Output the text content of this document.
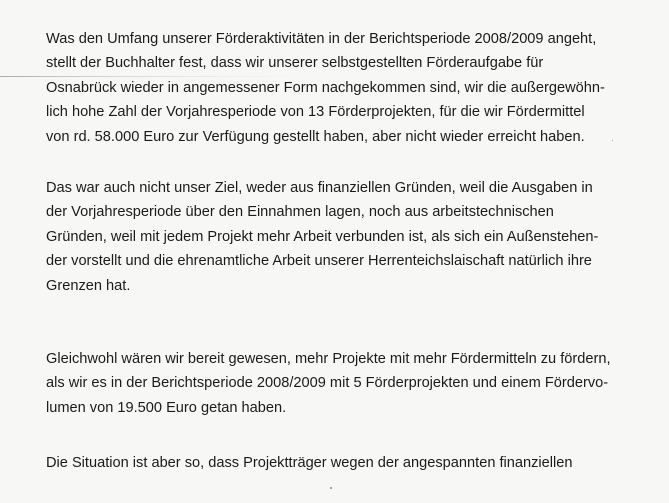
Was den Umfang unserer Förderaktivitäten in der Berichtsperiode 2008/2009 angeht,
stellt der Buchhalter fest, dass wir unserer selbstgestellten Förderaufgabe für
Osnabrück wieder in angemessener Form nachgekommen sind, wir die außergewöhn-
lich hohe Zahl der Vorjahresperiode von 13 Förderprojekten, für die wir Fördermittel
von rd. 58.000 Euro zur Verfügung gestellt haben, aber nicht wieder erreicht haben.

Das war auch nicht unser Ziel, weder aus finanziellen Gründen, weil die Ausgaben in
der Vorjahresperiode über den Einnahmen lagen, noch aus arbeitstechnischen
Gründen, weil mit jedem Projekt mehr Arbeit verbunden ist, als sich ein Außenstehen-
der vorstellt und die ehrenamtliche Arbeit unserer Herrenteichslaischaft natürlich ihre
Grenzen hat.

Gleichwohl wären wir bereit gewesen, mehr Projekte mit mehr Fördermitteln zu fördern,
als wir es in der Berichtsperiode 2008/2009 mit 5 Förderprojekten und einem Fördervo-
lumen von 19.500 Euro getan haben.

Die Situation ist aber so, dass Projektträger wegen der angespannten finanziellen
